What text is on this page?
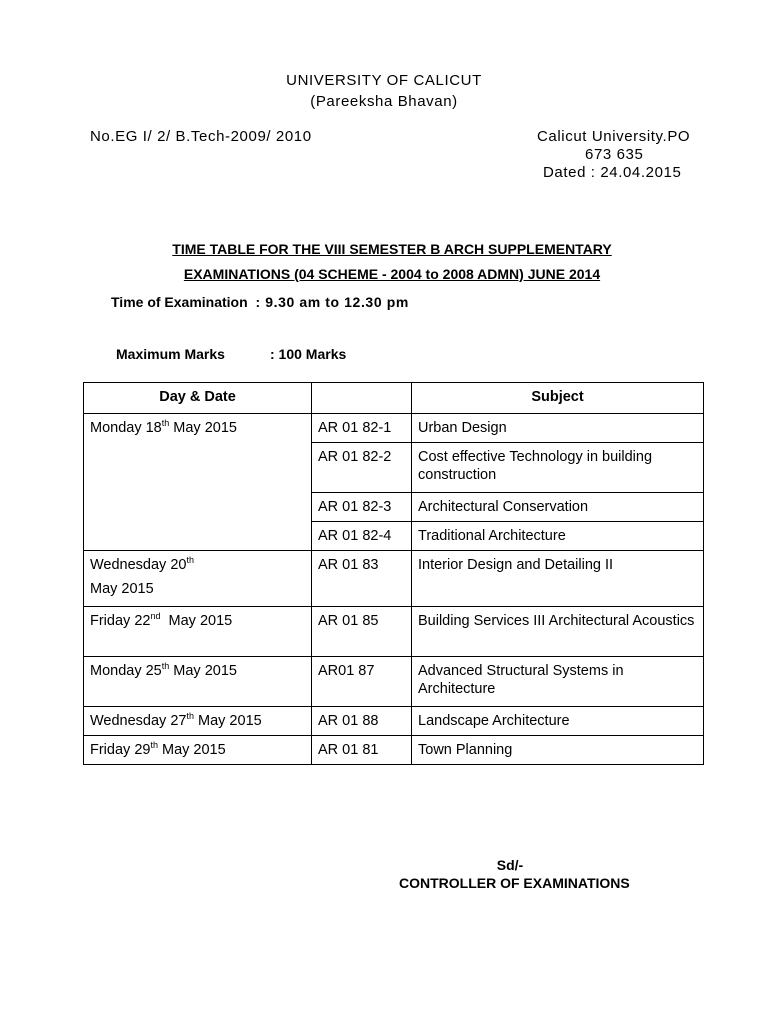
UNIVERSITY OF CALICUT
(Pareeksha Bhavan)
No.EG I/ 2/ B.Tech-2009/ 2010	Calicut University.PO
673 635
Dated : 24.04.2015
TIME TABLE FOR THE VIII SEMESTER B ARCH SUPPLEMENTARY
EXAMINATIONS (04 SCHEME - 2004 to 2008 ADMN) JUNE 2014
Time of Examination : 9.30 am to 12.30 pm
Maximum Marks	: 100 Marks
Day & Date		Subject
Monday 18th May 2015	AR 01 82-1	Urban Design
	AR 01 82-2	Cost effective Technology in building construction
	AR 01 82-3	Architectural Conservation
	AR 01 82-4	Traditional Architecture
Wednesday 20th
May 2015	AR 01 83	Interior Design and Detailing II
Friday 22nd  May 2015	AR 01 85	Building Services III Architectural Acoustics
Monday 25th May 2015	AR01 87	Advanced Structural Systems in Architecture
Wednesday 27th May 2015	AR 01 88	Landscape Architecture
Friday 29th May 2015	AR 01 81	Town Planning
Sd/-
CONTROLLER OF EXAMINATIONS
